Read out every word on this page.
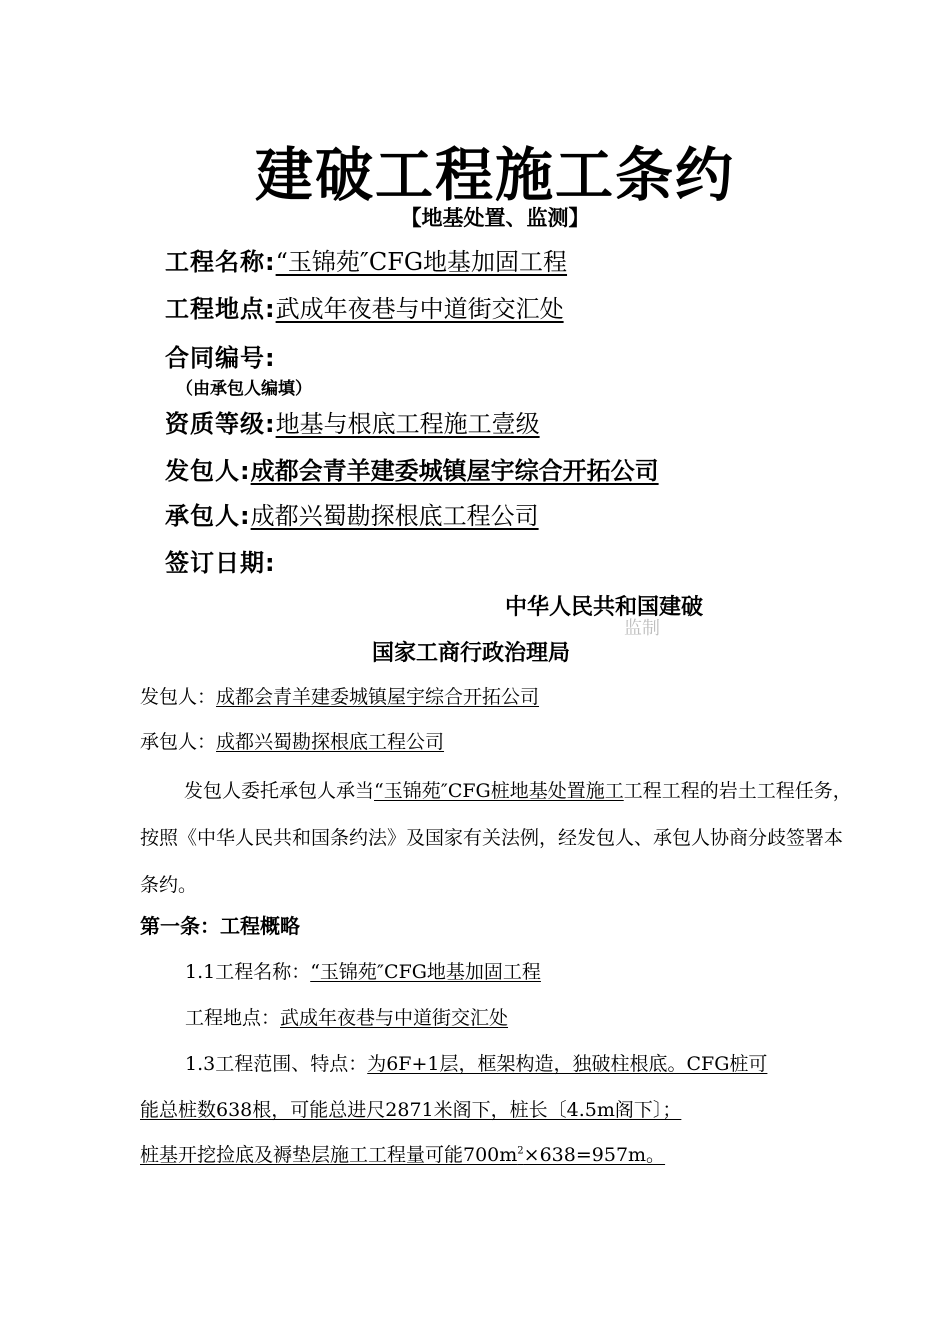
建破工程施工条约
【地基处置、监测】
工程名称:“玉锦苑″CFG地基加固工程
工程地点:武成年夜巷与中道街交汇处
合同编号:
（由承包人编填）
资质等级:地基与根底工程施工壹级
发包人:成都会青羊建委城镇屋宇综合开拓公司
承包人:成都兴蜀勘探根底工程公司
签订日期:
中华人民共和国建破
监制
国家工商行政治理局
发包人：成都会青羊建委城镇屋宇综合开拓公司
承包人：成都兴蜀勘探根底工程公司
发包人委托承包人承当“玉锦苑″CFG桩地基处置施工工程工程的岩土工程任务，按照《中华人民共和国条约法》及国家有关法例，经发包人、承包人协商分歧签署本条约。
第一条：工程概略
1.1工程名称：“玉锦苑″CFG地基加固工程
工程地点：武成年夜巷与中道街交汇处
1.3工程范围、特点：为6F+1层，框架构造，独破柱根底。CFG桩可
能总桩数638根，可能总进尺2871米阁下，桩长〔4.5m阁下〕；
桩基开挖捡底及褥垫层施工工程量可能$700m^2\times 638=957m$。
